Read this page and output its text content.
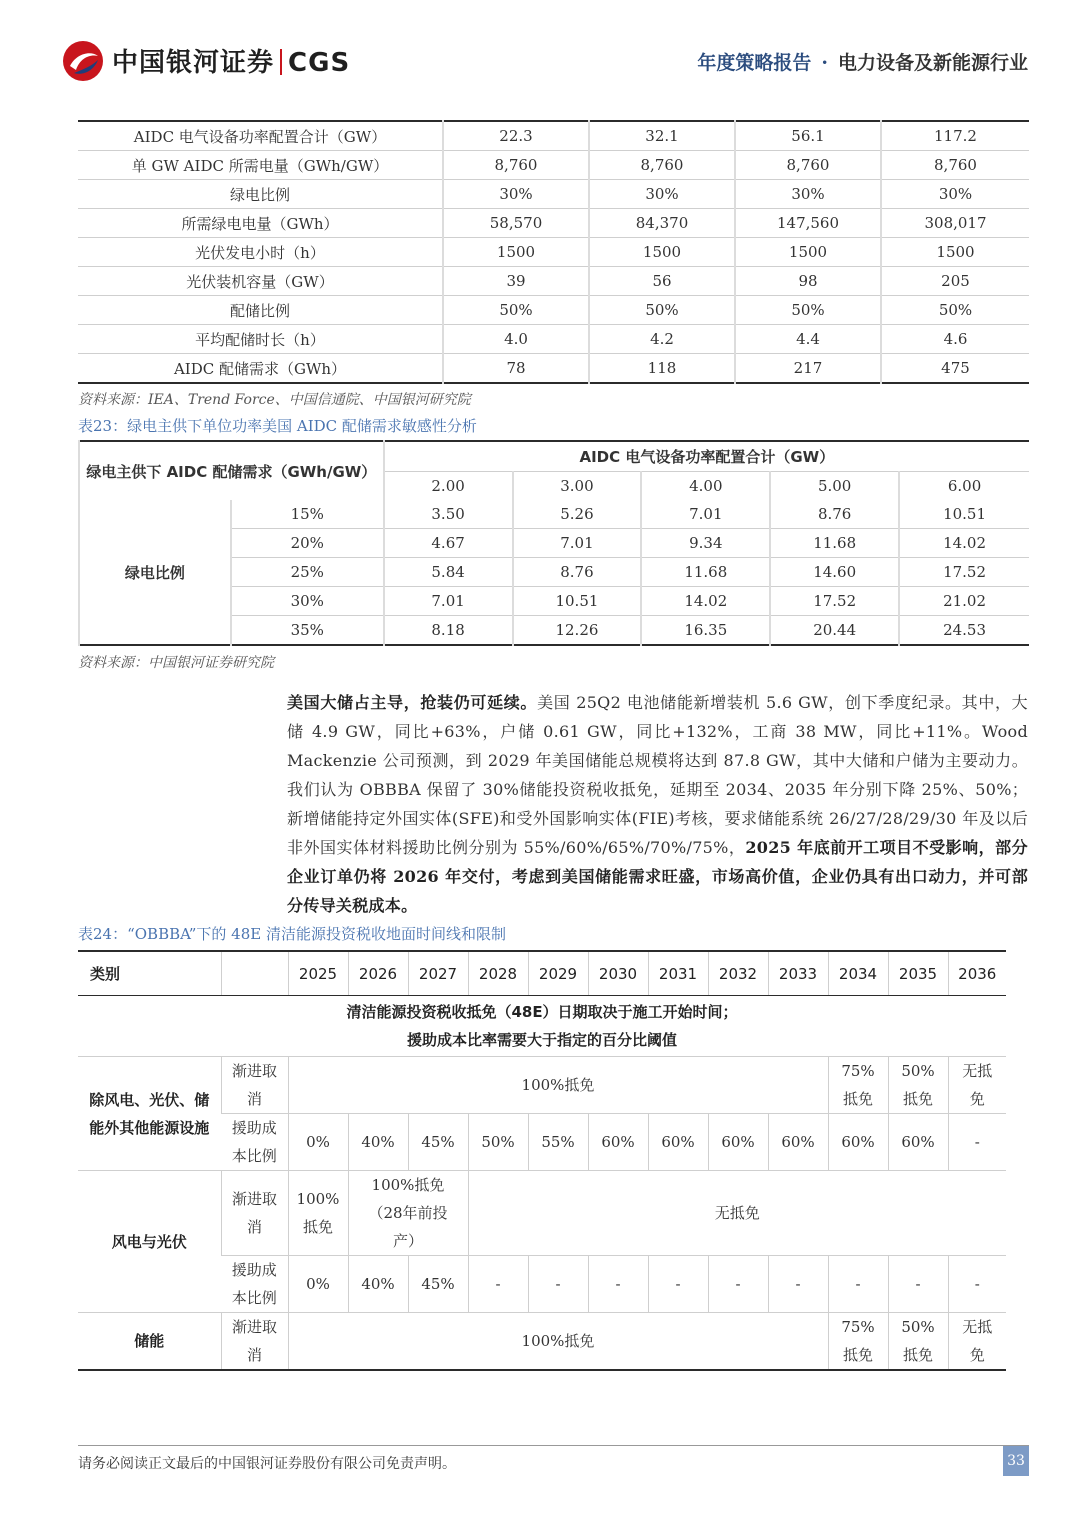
中国银河证券 CGS	年度策略报告 · 电力设备及新能源行业
AIDC 电气设备功率配置合计（GW）	22.3	32.1	56.1	117.2
单 GW AIDC 所需电量（GWh/GW）	8,760	8,760	8,760	8,760
绿电比例	30%	30%	30%	30%
所需绿电电量（GWh）	58,570	84,370	147,560	308,017
光伏发电小时（h）	1500	1500	1500	1500
光伏装机容量（GW）	39	56	98	205
配储比例	50%	50%	50%	50%
平均配储时长（h）	4.0	4.2	4.4	4.6
AIDC 配储需求（GWh）	78	118	217	475
资料来源：IEA、Trend Force、中国信通院、中国银河研究院
表23：绿电主供下单位功率美国 AIDC 配储需求敏感性分析
绿电主供下 AIDC 配储需求（GWh/GW）		AIDC 电气设备功率配置合计（GW）				
		2.00	3.00	4.00	5.00	6.00
绿电比例	15%	3.50	5.26	7.01	8.76	10.51
	20%	4.67	7.01	9.34	11.68	14.02
	25%	5.84	8.76	11.68	14.60	17.52
	30%	7.01	10.51	14.02	17.52	21.02
	35%	8.18	12.26	16.35	20.44	24.53
资料来源：中国银河证券研究院
美国大储占主导，抢装仍可延续。美国 25Q2 电池储能新增装机 5.6 GW，创下季度纪录。其中，大储 4.9 GW，同比+63%，户储 0.61 GW，同比+132%，工商 38 MW，同比+11%。Wood Mackenzie 公司预测，到 2029 年美国储能总规模将达到 87.8 GW，其中大储和户储为主要动力。我们认为 OBBBA 保留了 30%储能投资税收抵免，延期至 2034、2035 年分别下降 25%、50%；新增储能持定外国实体(SFE)和受外国影响实体(FIE)考核，要求储能系统 26/27/28/29/30 年及以后非外国实体材料援助比例分别为 55%/60%/65%/70%/75%，2025 年底前开工项目不受影响，部分企业订单仍将 2026 年交付，考虑到美国储能需求旺盛，市场高价值，企业仍具有出口动力，并可部分传导关税成本。
表24：“OBBBA”下的 48E 清洁能源投资税收地面时间线和限制
类别		2025	2026	2027	2028	2029	2030	2031	2032	2033	2034	2035	2036

清洁能源投资税收抵免（48E）日期取决于施工开始时间；
援助成本比率需要大于指定的百分比阈值													

除风电、光伏、储能外其他能源设施	渐进取消	100%抵免									75%抵免	50%抵免	无抵免
	援助成本比例	0%	40%	45%	50%	55%	60%	60%	60%	60%	60%	60%	-
风电与光伏	渐进取消	100%抵免	100%抵免（28年前投产）		无抵免								
	援助成本比例	0%	40%	45%	-	-	-	-	-	-	-	-	-
储能	渐进取消	100%抵免									75%抵免	50%抵免	无抵免
请务必阅读正文最后的中国银河证券股份有限公司免责声明。	33
